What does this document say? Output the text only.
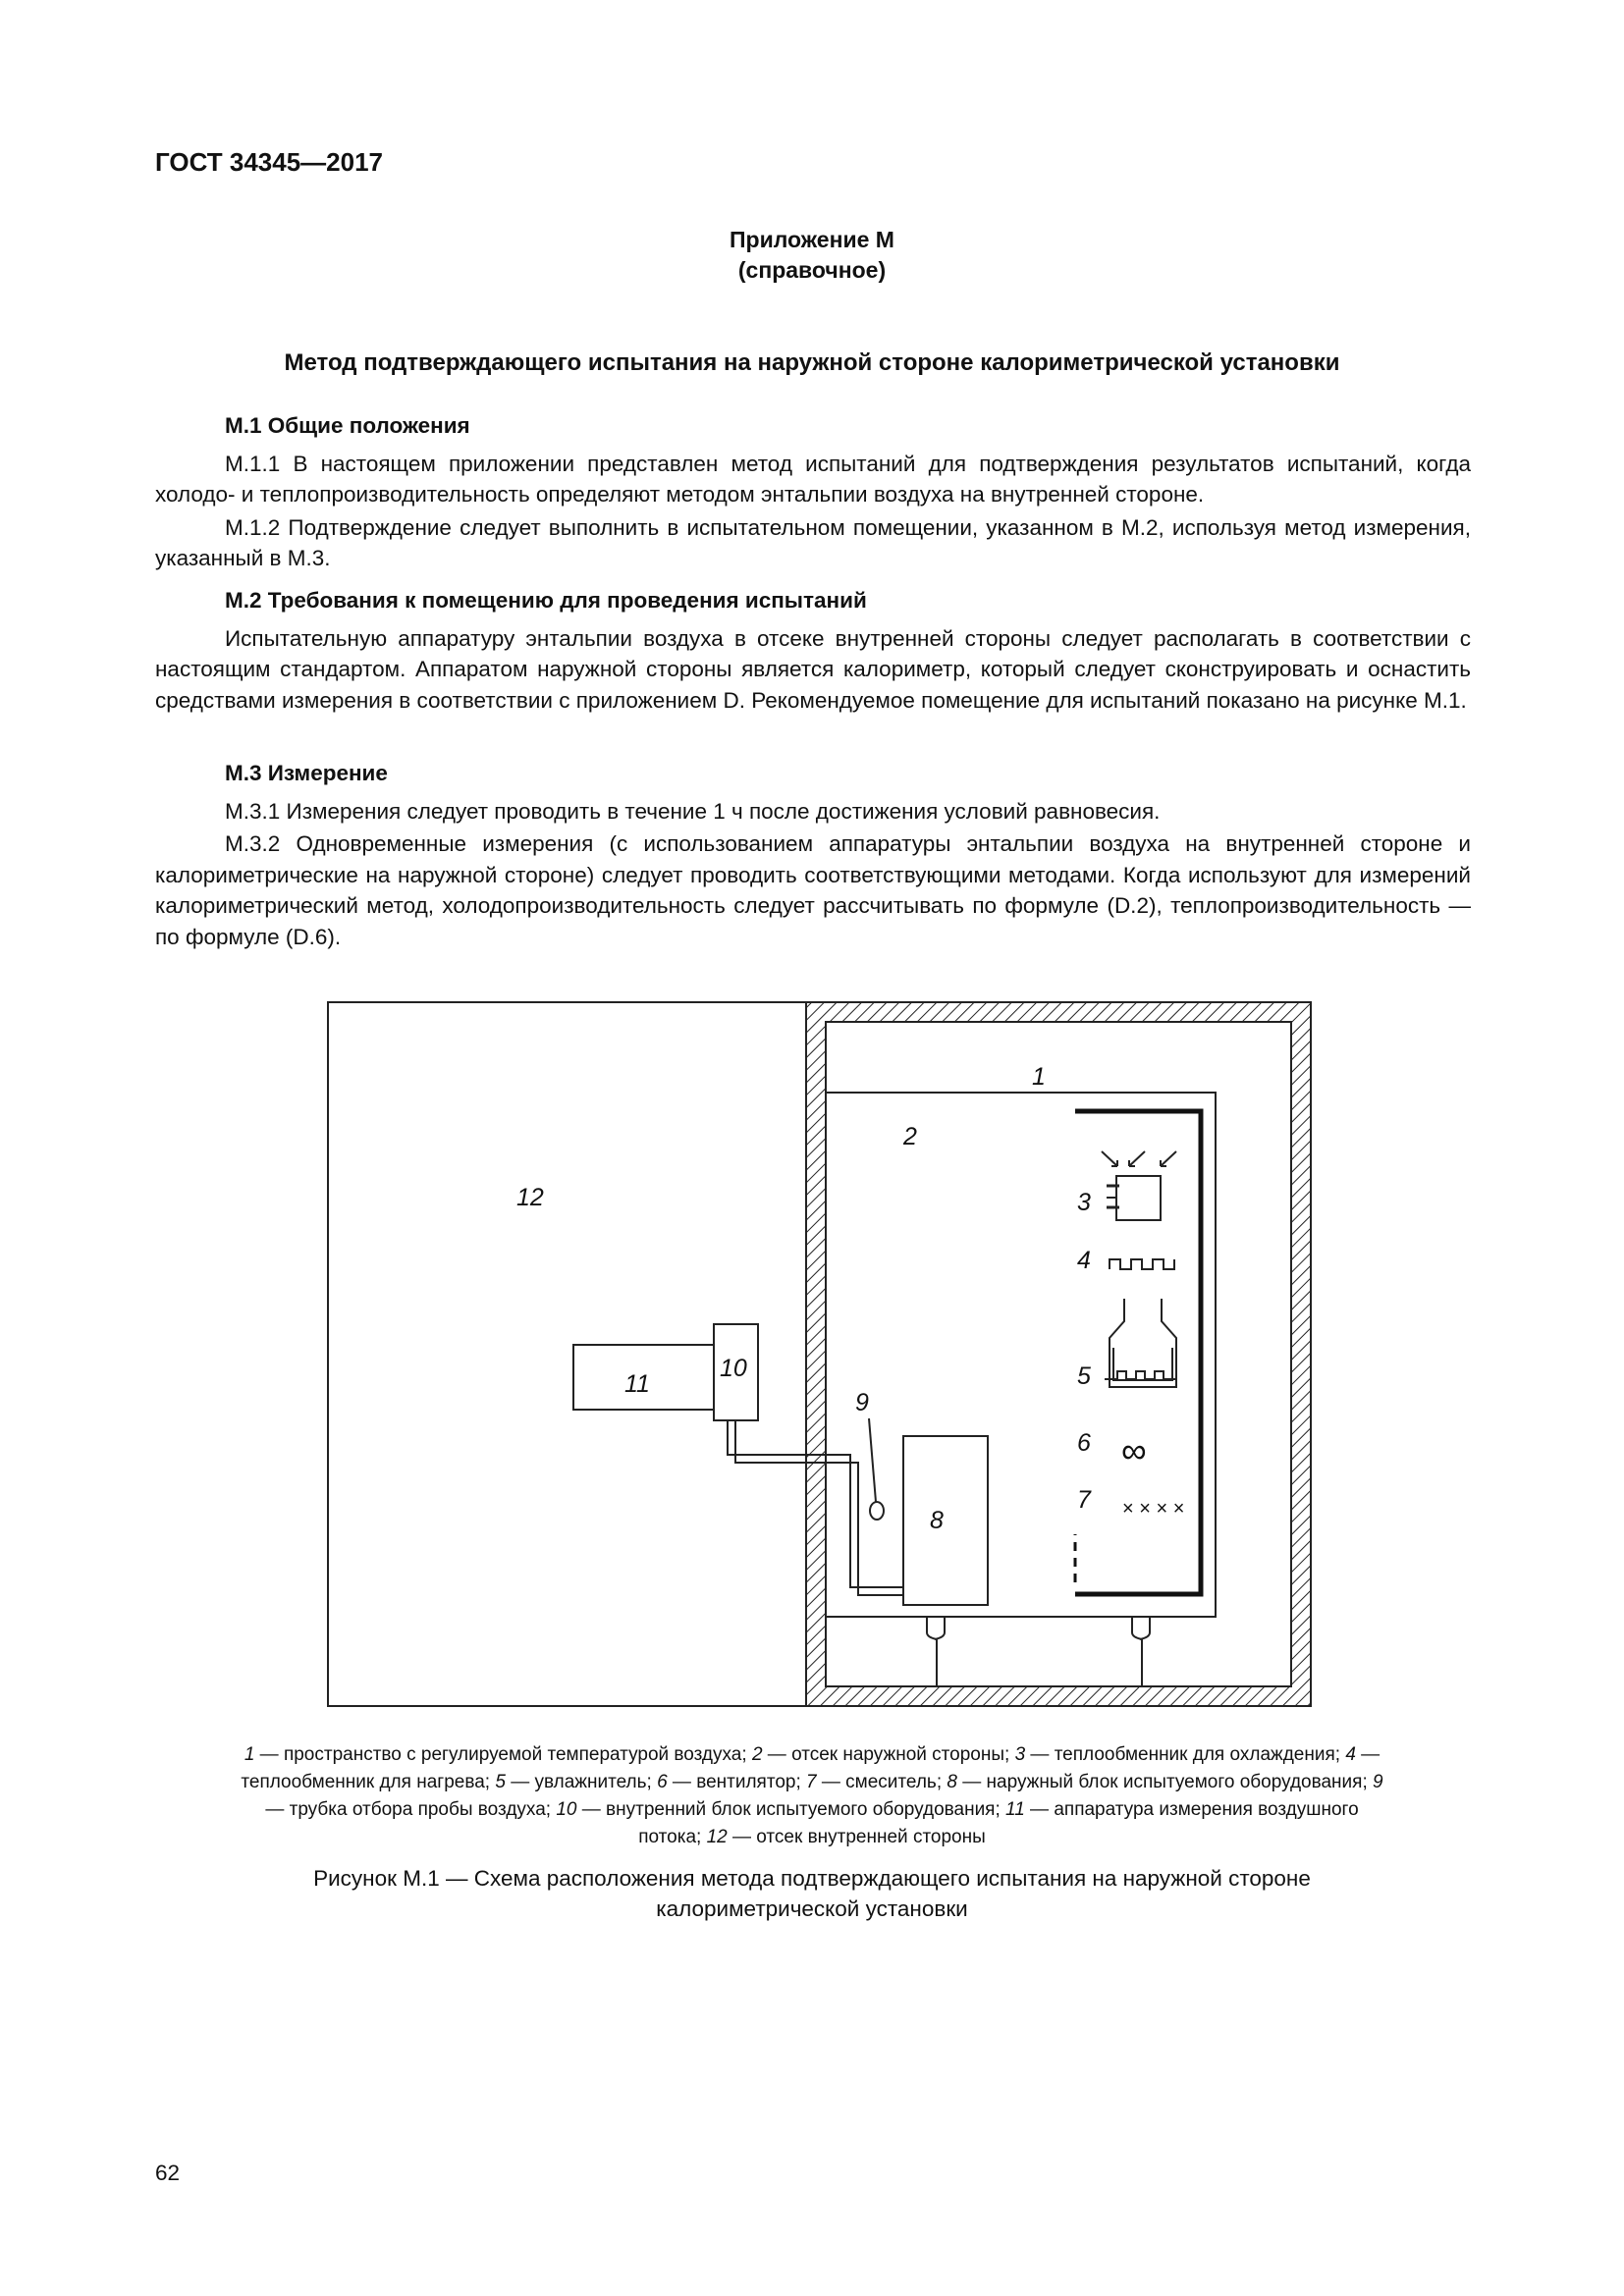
ГОСТ 34345—2017
Приложение М
(справочное)
Метод подтверждающего испытания на наружной стороне калориметрической установки
М.1 Общие положения

М.1.1 В настоящем приложении представлен метод испытаний для подтверждения результатов испытаний, когда холодо- и теплопроизводительность определяют методом энтальпии воздуха на внутренней стороне.

М.1.2 Подтверждение следует выполнить в испытательном помещении, указанном в М.2, используя метод измерения, указанный в М.3.

М.2 Требования к помещению для проведения испытаний

Испытательную аппаратуру энтальпии воздуха в отсеке внутренней стороны следует располагать в соответствии с настоящим стандартом. Аппаратом наружной стороны является калориметр, который следует сконструировать и оснастить средствами измерения в соответствии с приложением D. Рекомендуемое помещение для испытаний показано на рисунке М.1.

М.3 Измерение

М.3.1 Измерения следует проводить в течение 1 ч после достижения условий равновесия.

М.3.2 Одновременные измерения (с использованием аппаратуры энтальпии воздуха на внутренней стороне и калориметрические на наружной стороне) следует проводить соответствующими методами. Когда используют для измерений калориметрический метод, холодопроизводительность следует рассчитывать по формуле (D.2), теплопроизводительность — по формуле (D.6).

1
2
3
4
5
6
7
8
9
10
11
12
∞
× × × ×
1 — пространство с регулируемой температурой воздуха; 2 — отсек наружной стороны; 3 — теплообменник для охлаждения; 4 — теплообменник для нагрева; 5 — увлажнитель; 6 — вентилятор; 7 — смеситель; 8 — наружный блок испытуемого оборудования; 9 — трубка отбора пробы воздуха; 10 — внутренний блок испытуемого оборудования; 11 — аппаратура измерения воздушного потока; 12 — отсек внутренней стороны
Рисунок М.1 — Схема расположения метода подтверждающего испытания на наружной стороне
калориметрической установки
62
